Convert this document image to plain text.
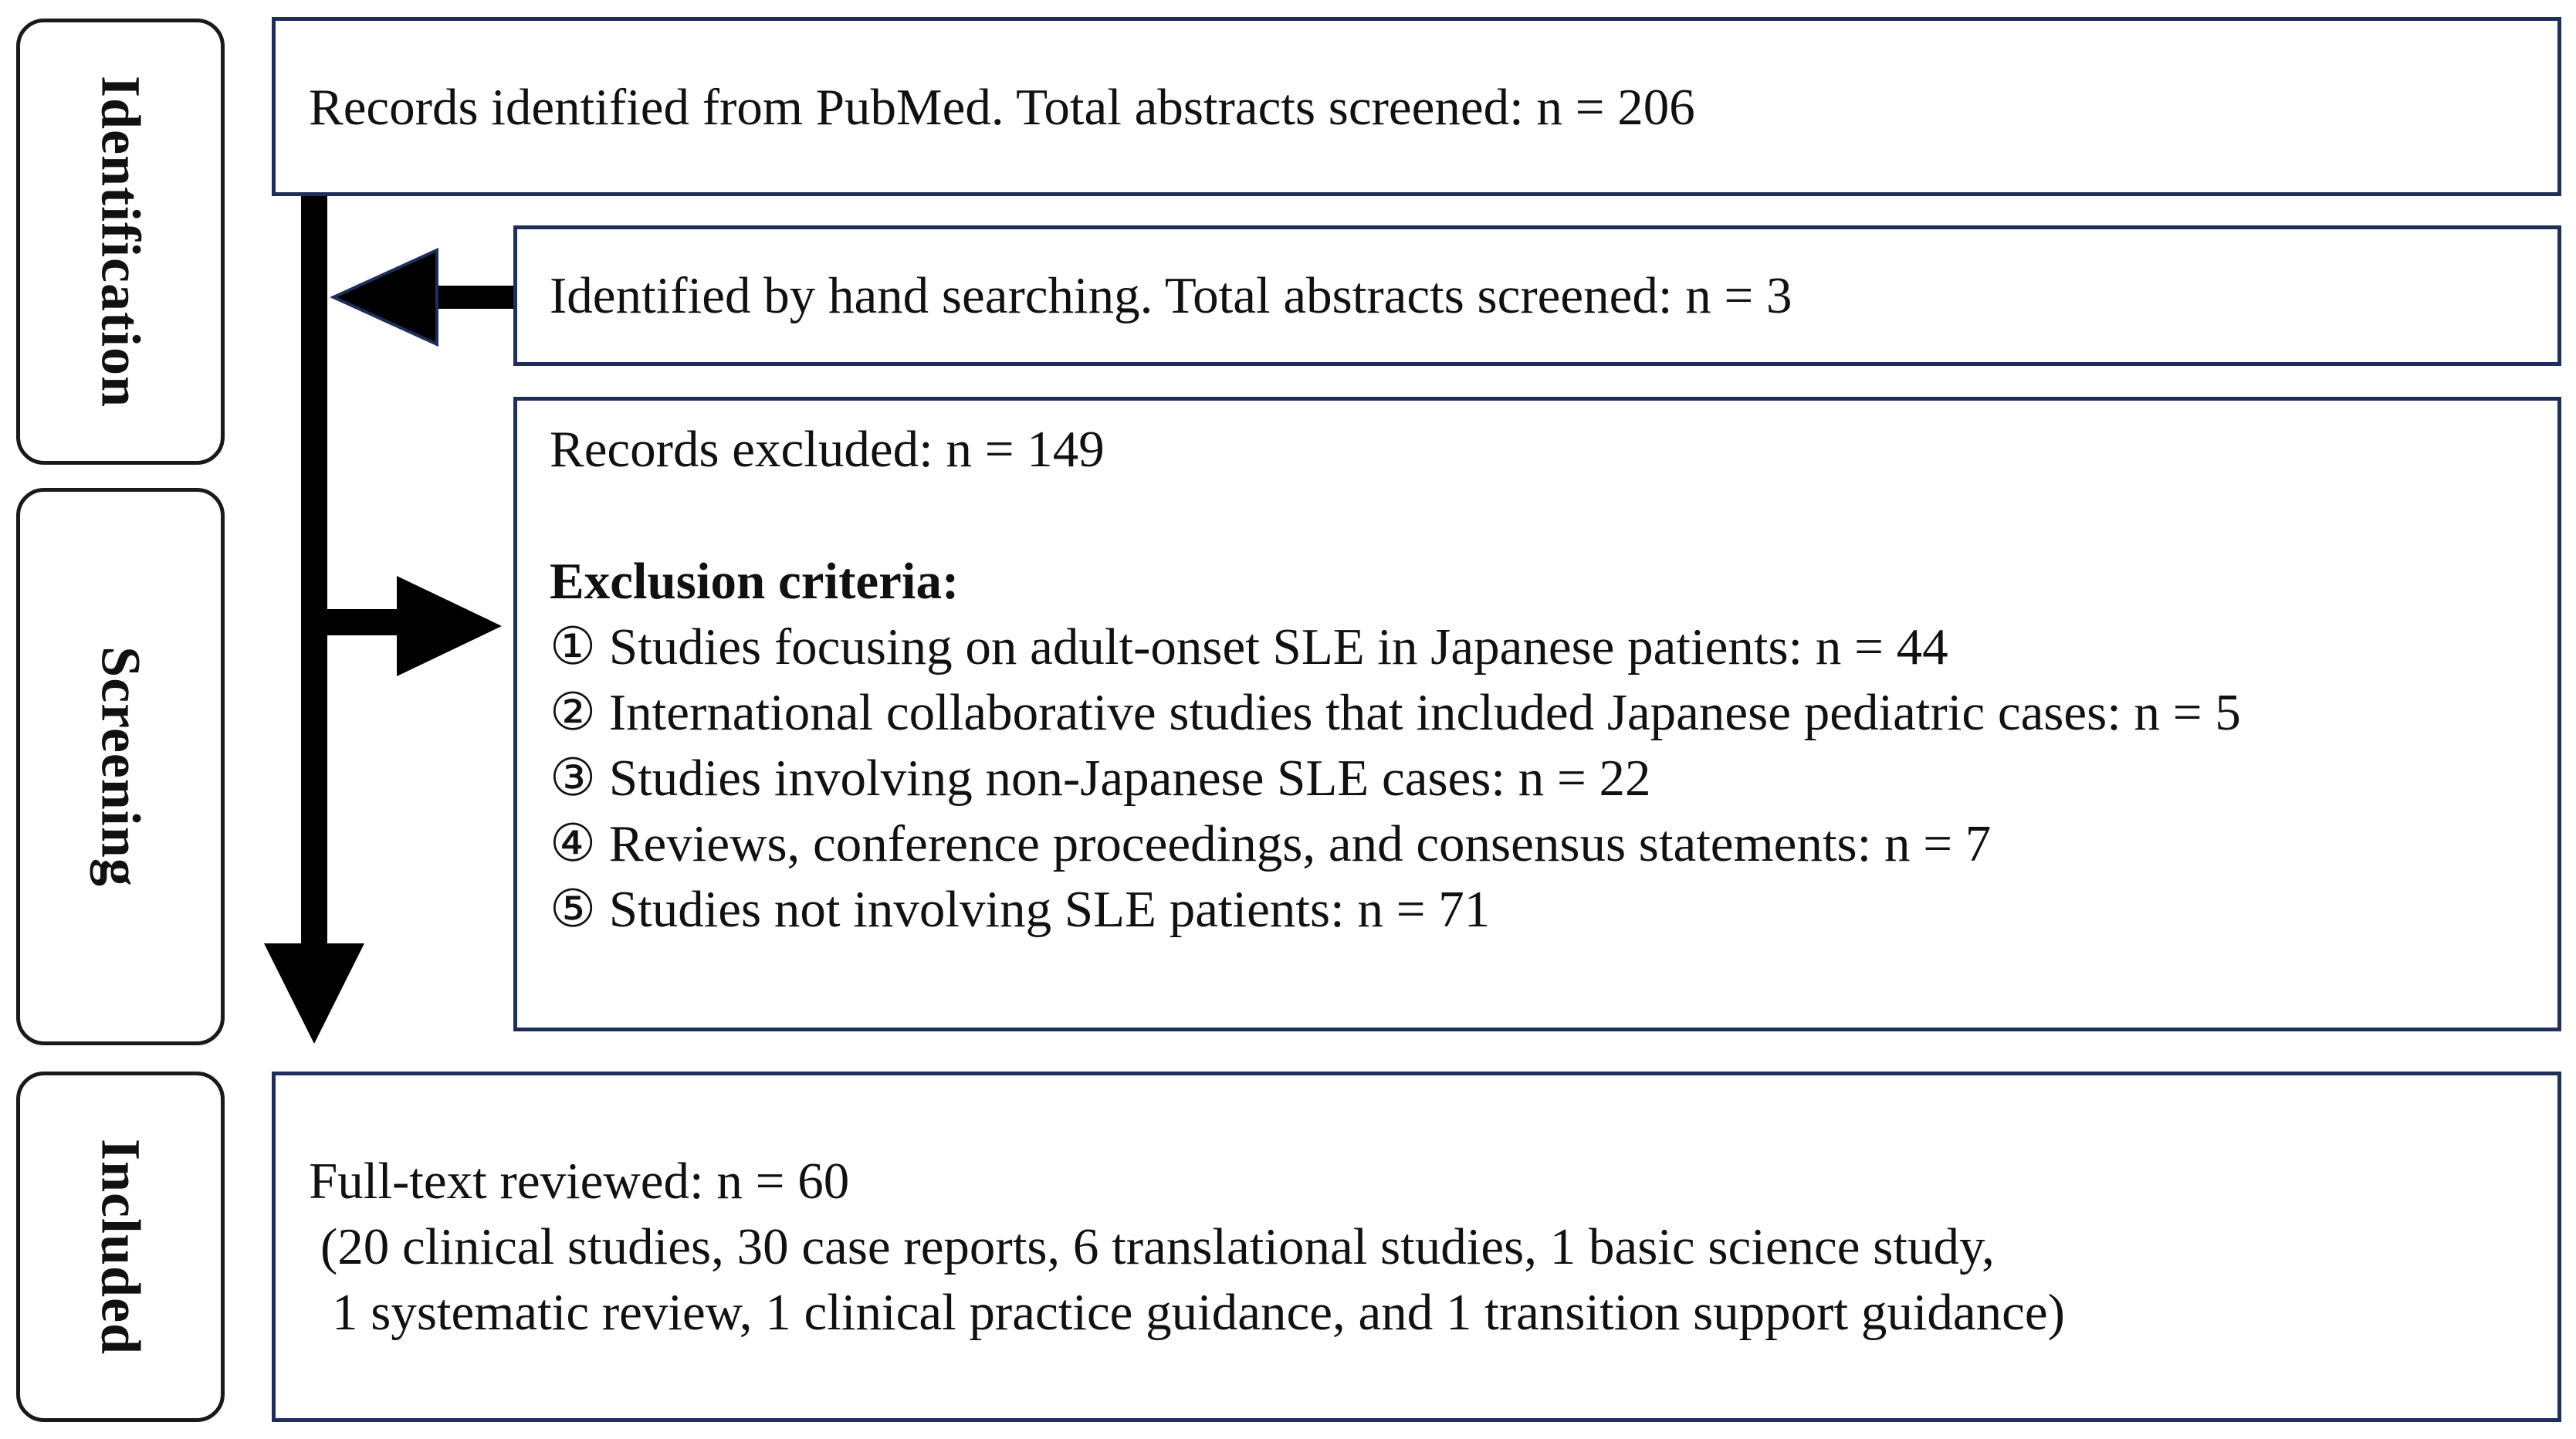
Identification
Screening
Included
Records identified from PubMed. Total abstracts screened: n = 206
Identified by hand searching. Total abstracts screened: n = 3
Records excluded: n = 149
Exclusion criteria:
① Studies focusing on adult-onset SLE in Japanese patients: n = 44
② International collaborative studies that included Japanese pediatric cases: n = 5
③ Studies involving non-Japanese SLE cases: n = 22
④ Reviews, conference proceedings, and consensus statements: n = 7
⑤ Studies not involving SLE patients: n = 71
Full-text reviewed: n = 60
(20 clinical studies, 30 case reports, 6 translational studies, 1 basic science study,
1 systematic review, 1 clinical practice guidance, and 1 transition support guidance)
